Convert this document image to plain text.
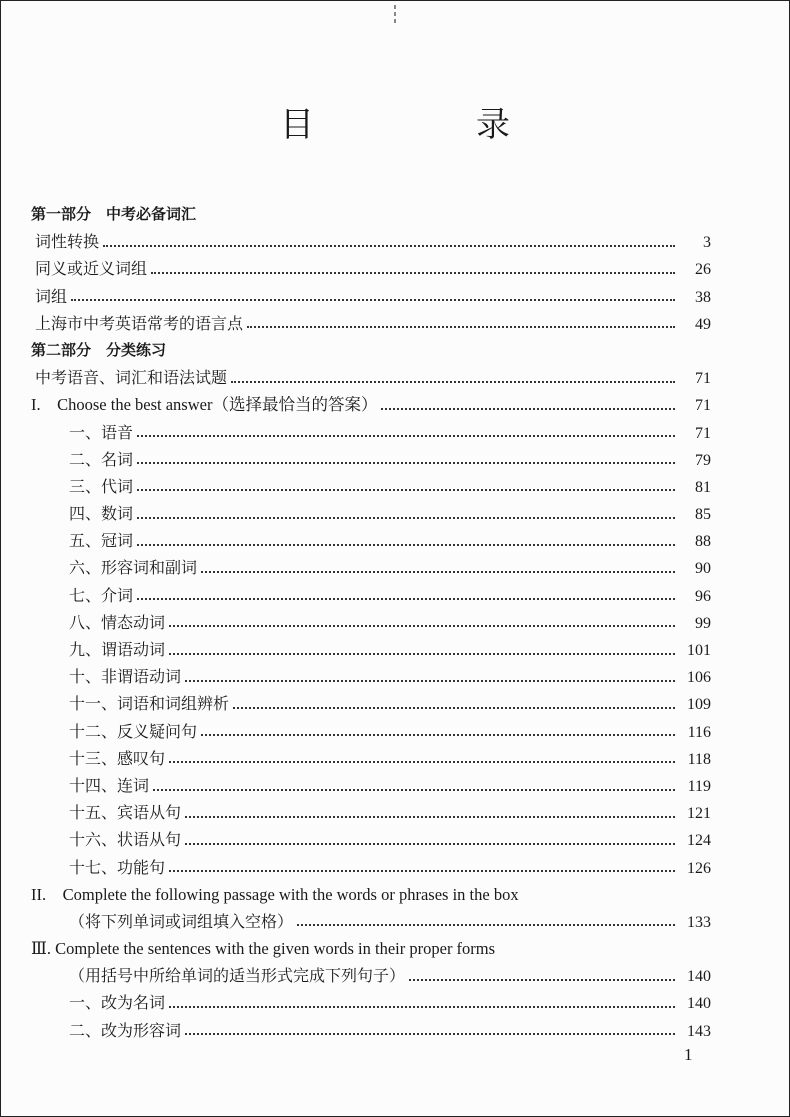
目　录
第一部分　中考必备词汇
词性转换	3
同义或近义词组	26
词组	38
上海市中考英语常考的语言点	49
第二部分　分类练习
中考语音、词汇和语法试题	71
I.　Choose the best answer（选择最恰当的答案）	71
一、语音	71
二、名词	79
三、代词	81
四、数词	85
五、冠词	88
六、形容词和副词	90
七、介词	96
八、情态动词	99
九、谓语动词	101
十、非谓语动词	106
十一、词语和词组辨析	109
十二、反义疑问句	116
十三、感叹句	118
十四、连词	119
十五、宾语从句	121
十六、状语从句	124
十七、功能句	126
II.　Complete the following passage with the words or phrases in the box
（将下列单词或词组填入空格）	133
Ⅲ. Complete the sentences with the given words in their proper forms
（用括号中所给单词的适当形式完成下列句子）	140
一、改为名词	140
二、改为形容词	143
1
